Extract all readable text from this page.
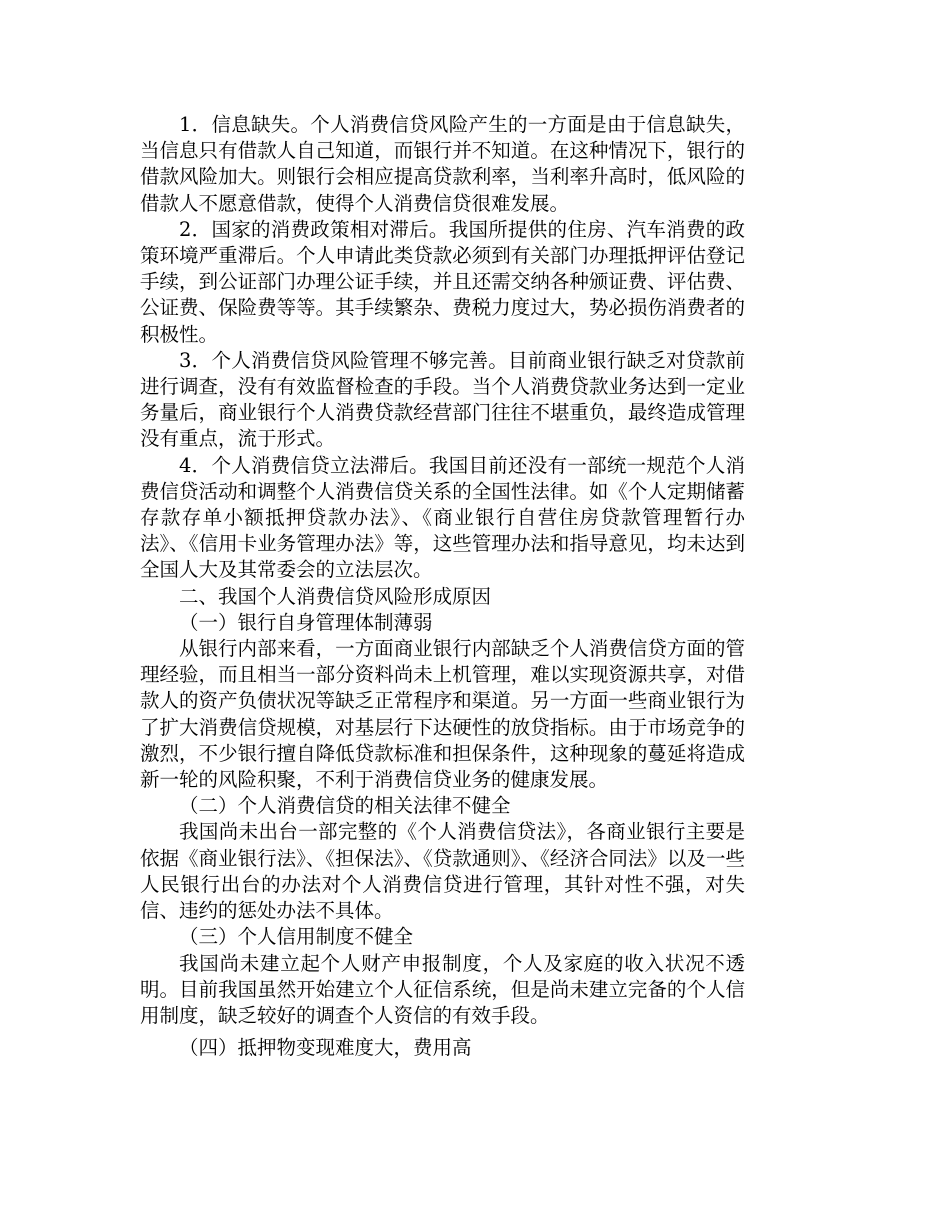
1．信息缺失。个人消费信贷风险产生的一方面是由于信息缺失，当信息只有借款人自己知道，而银行并不知道。在这种情况下，银行的借款风险加大。则银行会相应提高贷款利率，当利率升高时，低风险的借款人不愿意借款，使得个人消费信贷很难发展。

2．国家的消费政策相对滞后。我国所提供的住房、汽车消费的政策环境严重滞后。个人申请此类贷款必须到有关部门办理抵押评估登记手续，到公证部门办理公证手续，并且还需交纳各种颁证费、评估费、公证费、保险费等等。其手续繁杂、费税力度过大，势必损伤消费者的积极性。

3．个人消费信贷风险管理不够完善。目前商业银行缺乏对贷款前进行调查，没有有效监督检查的手段。当个人消费贷款业务达到一定业务量后，商业银行个人消费贷款经营部门往往不堪重负，最终造成管理没有重点，流于形式。

4．个人消费信贷立法滞后。我国目前还没有一部统一规范个人消费信贷活动和调整个人消费信贷关系的全国性法律。如《个人定期储蓄存款存单小额抵押贷款办法》、《商业银行自营住房贷款管理暂行办法》、《信用卡业务管理办法》等，这些管理办法和指导意见，均未达到全国人大及其常委会的立法层次。

二、我国个人消费信贷风险形成原因

（一）银行自身管理体制薄弱

从银行内部来看，一方面商业银行内部缺乏个人消费信贷方面的管理经验，而且相当一部分资料尚未上机管理，难以实现资源共享，对借款人的资产负债状况等缺乏正常程序和渠道。另一方面一些商业银行为了扩大消费信贷规模，对基层行下达硬性的放贷指标。由于市场竞争的激烈，不少银行擅自降低贷款标准和担保条件，这种现象的蔓延将造成新一轮的风险积聚，不利于消费信贷业务的健康发展。

（二）个人消费信贷的相关法律不健全

我国尚未出台一部完整的《个人消费信贷法》，各商业银行主要是依据《商业银行法》、《担保法》、《贷款通则》、《经济合同法》以及一些人民银行出台的办法对个人消费信贷进行管理，其针对性不强，对失信、违约的惩处办法不具体。

（三）个人信用制度不健全

我国尚未建立起个人财产申报制度，个人及家庭的收入状况不透明。目前我国虽然开始建立个人征信系统，但是尚未建立完备的个人信用制度，缺乏较好的调查个人资信的有效手段。

（四）抵押物变现难度大，费用高
